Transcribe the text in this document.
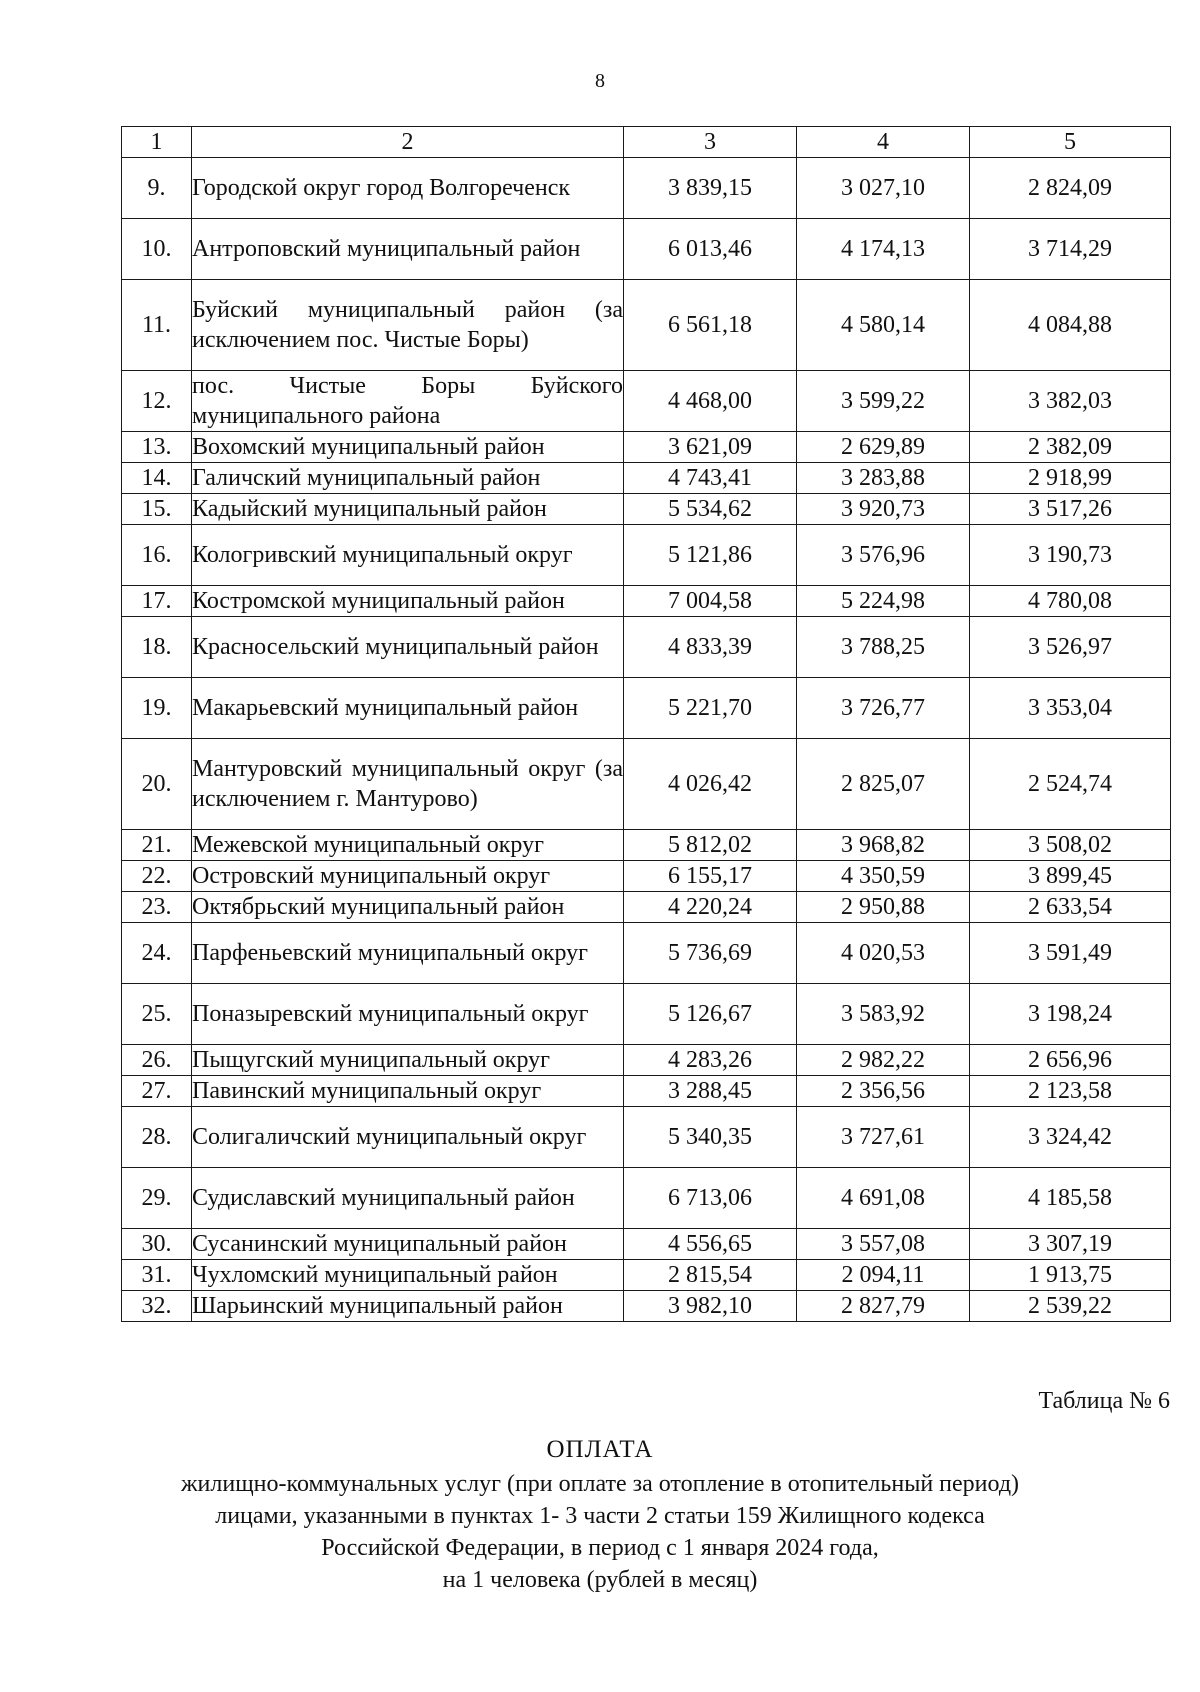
8
1	2	3	4	5
9.	Городской округ город Волгореченск	3 839,15	3 027,10	2 824,09
10.	Антроповский муниципальный район	6 013,46	4 174,13	3 714,29
11.	Буйский муниципальный район (за исключением пос. Чистые Боры)	6 561,18	4 580,14	4 084,88
12.	пос. Чистые Боры Буйского муниципального района	4 468,00	3 599,22	3 382,03
13.	Вохомский муниципальный район	3 621,09	2 629,89	2 382,09
14.	Галичский муниципальный район	4 743,41	3 283,88	2 918,99
15.	Кадыйский муниципальный район	5 534,62	3 920,73	3 517,26
16.	Кологривский муниципальный округ	5 121,86	3 576,96	3 190,73
17.	Костромской муниципальный район	7 004,58	5 224,98	4 780,08
18.	Красносельский муниципальный район	4 833,39	3 788,25	3 526,97
19.	Макарьевский муниципальный район	5 221,70	3 726,77	3 353,04
20.	Мантуровский муниципальный округ (за исключением г. Мантурово)	4 026,42	2 825,07	2 524,74
21.	Межевской муниципальный округ	5 812,02	3 968,82	3 508,02
22.	Островский муниципальный округ	6 155,17	4 350,59	3 899,45
23.	Октябрьский муниципальный район	4 220,24	2 950,88	2 633,54
24.	Парфеньевский муниципальный округ	5 736,69	4 020,53	3 591,49
25.	Поназыревский муниципальный округ	5 126,67	3 583,92	3 198,24
26.	Пыщугский муниципальный округ	4 283,26	2 982,22	2 656,96
27.	Павинский муниципальный округ	3 288,45	2 356,56	2 123,58
28.	Солигаличский муниципальный округ	5 340,35	3 727,61	3 324,42
29.	Судиславский муниципальный район	6 713,06	4 691,08	4 185,58
30.	Сусанинский муниципальный район	4 556,65	3 557,08	3 307,19
31.	Чухломский муниципальный район	2 815,54	2 094,11	1 913,75
32.	Шарьинский муниципальный район	3 982,10	2 827,79	2 539,22
Таблица № 6
ОПЛАТА
жилищно-коммунальных услуг (при оплате за отопление в отопительный период)
лицами, указанными в пунктах 1- 3 части 2 статьи 159 Жилищного кодекса
Российской Федерации, в период с 1 января 2024 года,
на 1 человека (рублей в месяц)
